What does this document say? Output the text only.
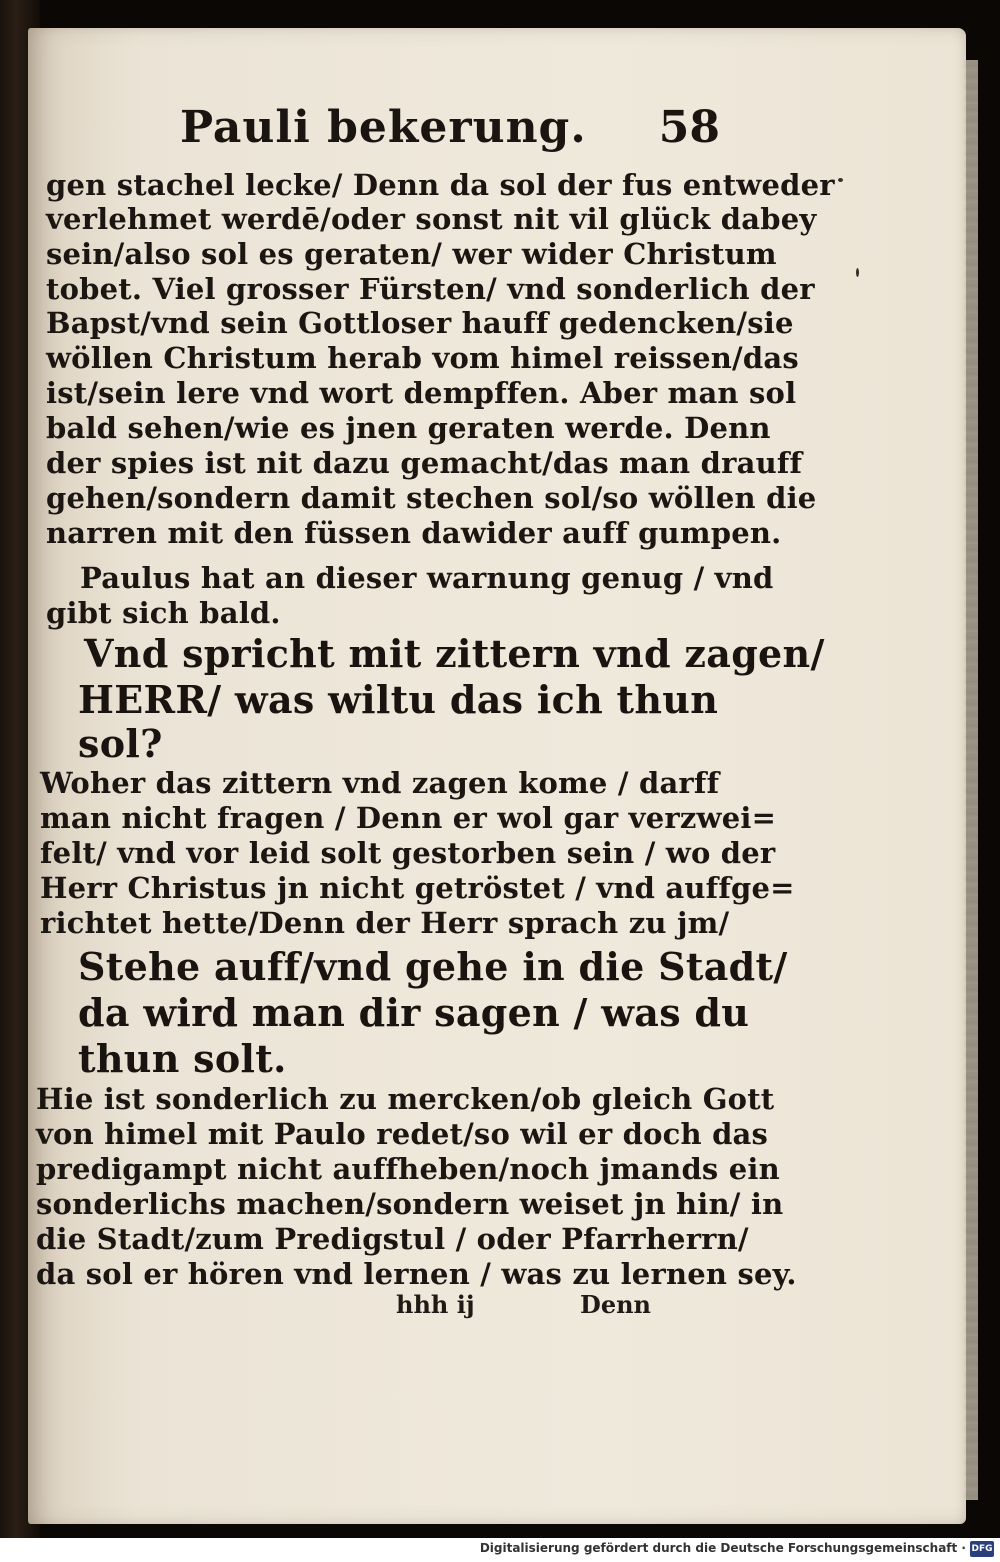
Pauli bekerung. 58
gen stachel lecke/ Denn da sol der fus entweder
verlehmet werdē/oder sonst nit vil glück dabey
sein/also sol es geraten/ wer wider Christum
tobet. Viel grosser Fürsten/ vnd sonderlich der
Bapst/vnd sein Gottloser hauff gedencken/sie
wöllen Christum herab vom himel reissen/das
ist/sein lere vnd wort dempffen. Aber man sol
bald sehen/wie es jnen geraten werde. Denn
der spies ist nit dazu gemacht/das man drauff
gehen/sondern damit stechen sol/so wöllen die
narren mit den füssen dawider auff gumpen.
Paulus hat an dieser warnung genug / vnd
gibt sich bald.
Vnd spricht mit zittern vnd zagen/
HERR/ was wiltu das ich thun
sol?
Woher das zittern vnd zagen kome / darff
man nicht fragen / Denn er wol gar verzwei=
felt/ vnd vor leid solt gestorben sein / wo der
Herr Christus jn nicht getröstet / vnd auffge=
richtet hette/Denn der Herr sprach zu jm/
Stehe auff/vnd gehe in die Stadt/
da wird man dir sagen / was du
thun solt.
Hie ist sonderlich zu mercken/ob gleich Gott
von himel mit Paulo redet/so wil er doch das
predigampt nicht auffheben/noch jmands ein
sonderlichs machen/sondern weiset jn hin/ in
die Stadt/zum Predigstul / oder Pfarrherrn/
da sol er hören vnd lernen / was zu lernen sey.
hhh ij	Denn
Digitalisierung gefördert durch die Deutsche Forschungsgemeinschaft · DFG
